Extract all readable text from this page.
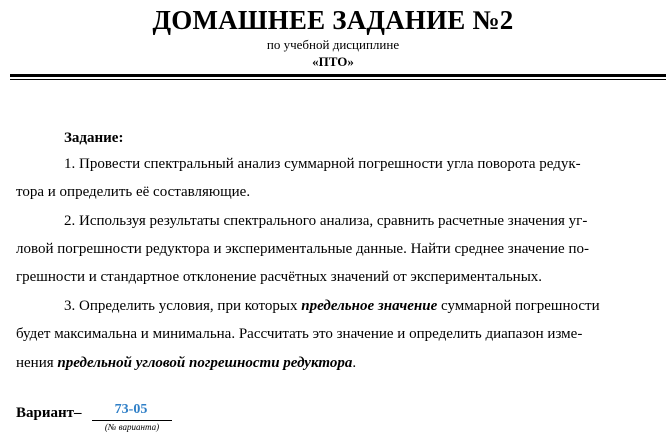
ДОМАШНЕЕ ЗАДАНИЕ №2
по учебной дисциплине
«ПТО»
Задание:
1. Провести спектральный анализ суммарной погрешности угла поворота редук-
тора и определить её составляющие.
2. Используя результаты спектрального анализа, сравнить расчетные значения уг-
ловой погрешности редуктора и экспериментальные данные. Найти среднее значение по-
грешности и стандартное отклонение расчётных значений от экспериментальных.
3. Определить условия, при которых предельное значение суммарной погрешности
будет максимальна и минимальна. Рассчитать это значение и определить диапазон изме-
нения предельной угловой погрешности редуктора.
Вариант–	73-05
(№ варианта)
